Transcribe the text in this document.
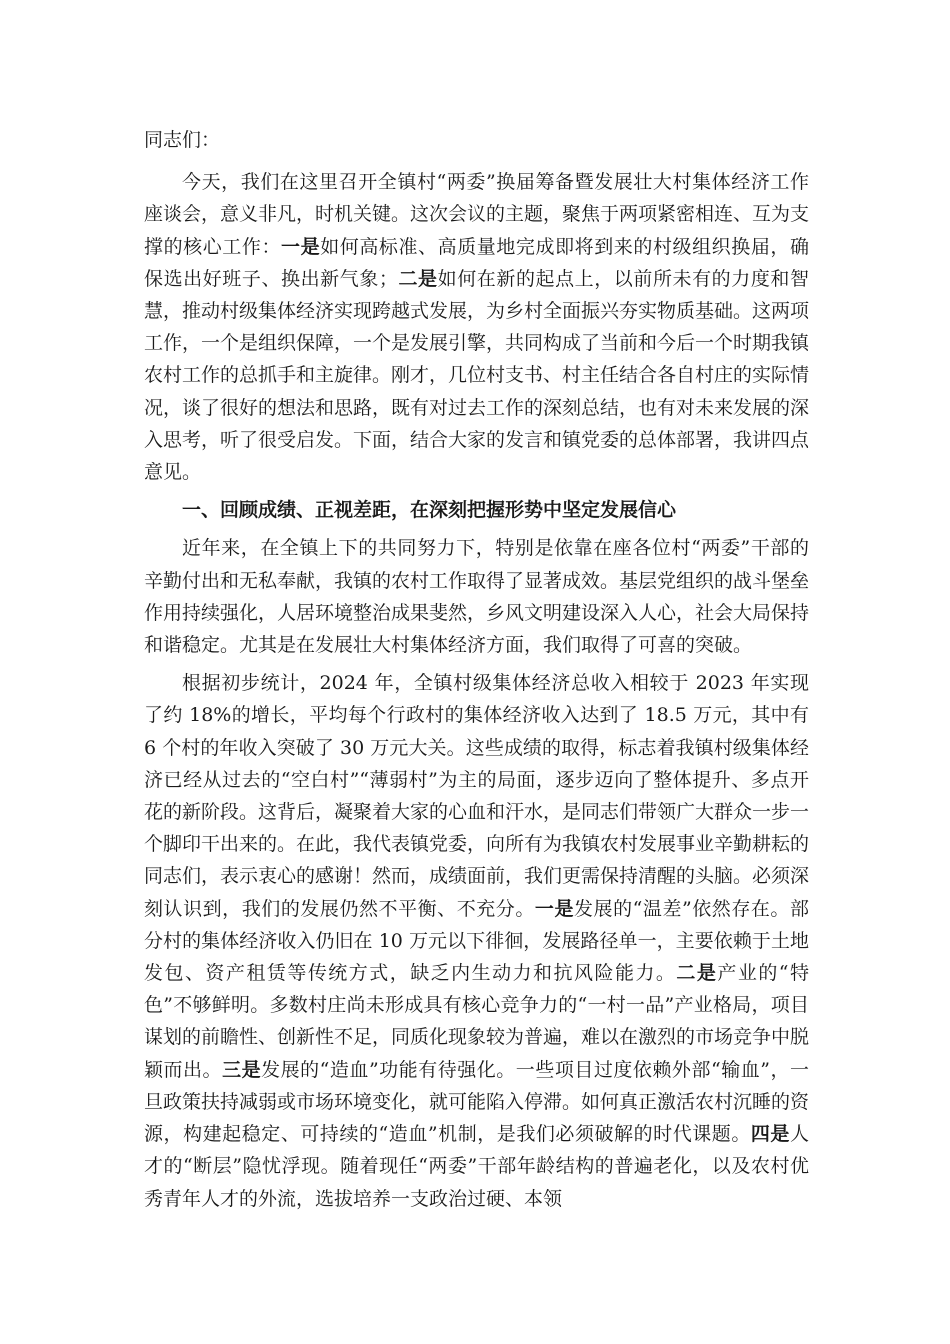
同志们：

今天，我们在这里召开全镇村“两委”换届筹备暨发展壮大村集体经济工作座谈会，意义非凡，时机关键。这次会议的主题，聚焦于两项紧密相连、互为支撑的核心工作：一是如何高标准、高质量地完成即将到来的村级组织换届，确保选出好班子、换出新气象；二是如何在新的起点上，以前所未有的力度和智慧，推动村级集体经济实现跨越式发展，为乡村全面振兴夯实物质基础。这两项工作，一个是组织保障，一个是发展引擎，共同构成了当前和今后一个时期我镇农村工作的总抓手和主旋律。刚才，几位村支书、村主任结合各自村庄的实际情况，谈了很好的想法和思路，既有对过去工作的深刻总结，也有对未来发展的深入思考，听了很受启发。下面，结合大家的发言和镇党委的总体部署，我讲四点意见。

一、回顾成绩、正视差距，在深刻把握形势中坚定发展信心

近年来，在全镇上下的共同努力下，特别是依靠在座各位村“两委”干部的辛勤付出和无私奉献，我镇的农村工作取得了显著成效。基层党组织的战斗堡垒作用持续强化，人居环境整治成果斐然，乡风文明建设深入人心，社会大局保持和谐稳定。尤其是在发展壮大村集体经济方面，我们取得了可喜的突破。

根据初步统计，2024 年，全镇村级集体经济总收入相较于 2023 年实现了约 18%的增长，平均每个行政村的集体经济收入达到了 18.5 万元，其中有 6 个村的年收入突破了 30 万元大关。这些成绩的取得，标志着我镇村级集体经济已经从过去的“空白村”“薄弱村”为主的局面，逐步迈向了整体提升、多点开花的新阶段。这背后，凝聚着大家的心血和汗水，是同志们带领广大群众一步一个脚印干出来的。在此，我代表镇党委，向所有为我镇农村发展事业辛勤耕耘的同志们，表示衷心的感谢！然而，成绩面前，我们更需保持清醒的头脑。必须深刻认识到，我们的发展仍然不平衡、不充分。一是发展的“温差”依然存在。部分村的集体经济收入仍旧在 10 万元以下徘徊，发展路径单一，主要依赖于土地发包、资产租赁等传统方式，缺乏内生动力和抗风险能力。二是产业的“特色”不够鲜明。多数村庄尚未形成具有核心竞争力的“一村一品”产业格局，项目谋划的前瞻性、创新性不足，同质化现象较为普遍，难以在激烈的市场竞争中脱颖而出。三是发展的“造血”功能有待强化。一些项目过度依赖外部“输血”，一旦政策扶持减弱或市场环境变化，就可能陷入停滞。如何真正激活农村沉睡的资源，构建起稳定、可持续的“造血”机制，是我们必须破解的时代课题。四是人才的“断层”隐忧浮现。随着现任“两委”干部年龄结构的普遍老化，以及农村优秀青年人才的外流，选拔培养一支政治过硬、本领
